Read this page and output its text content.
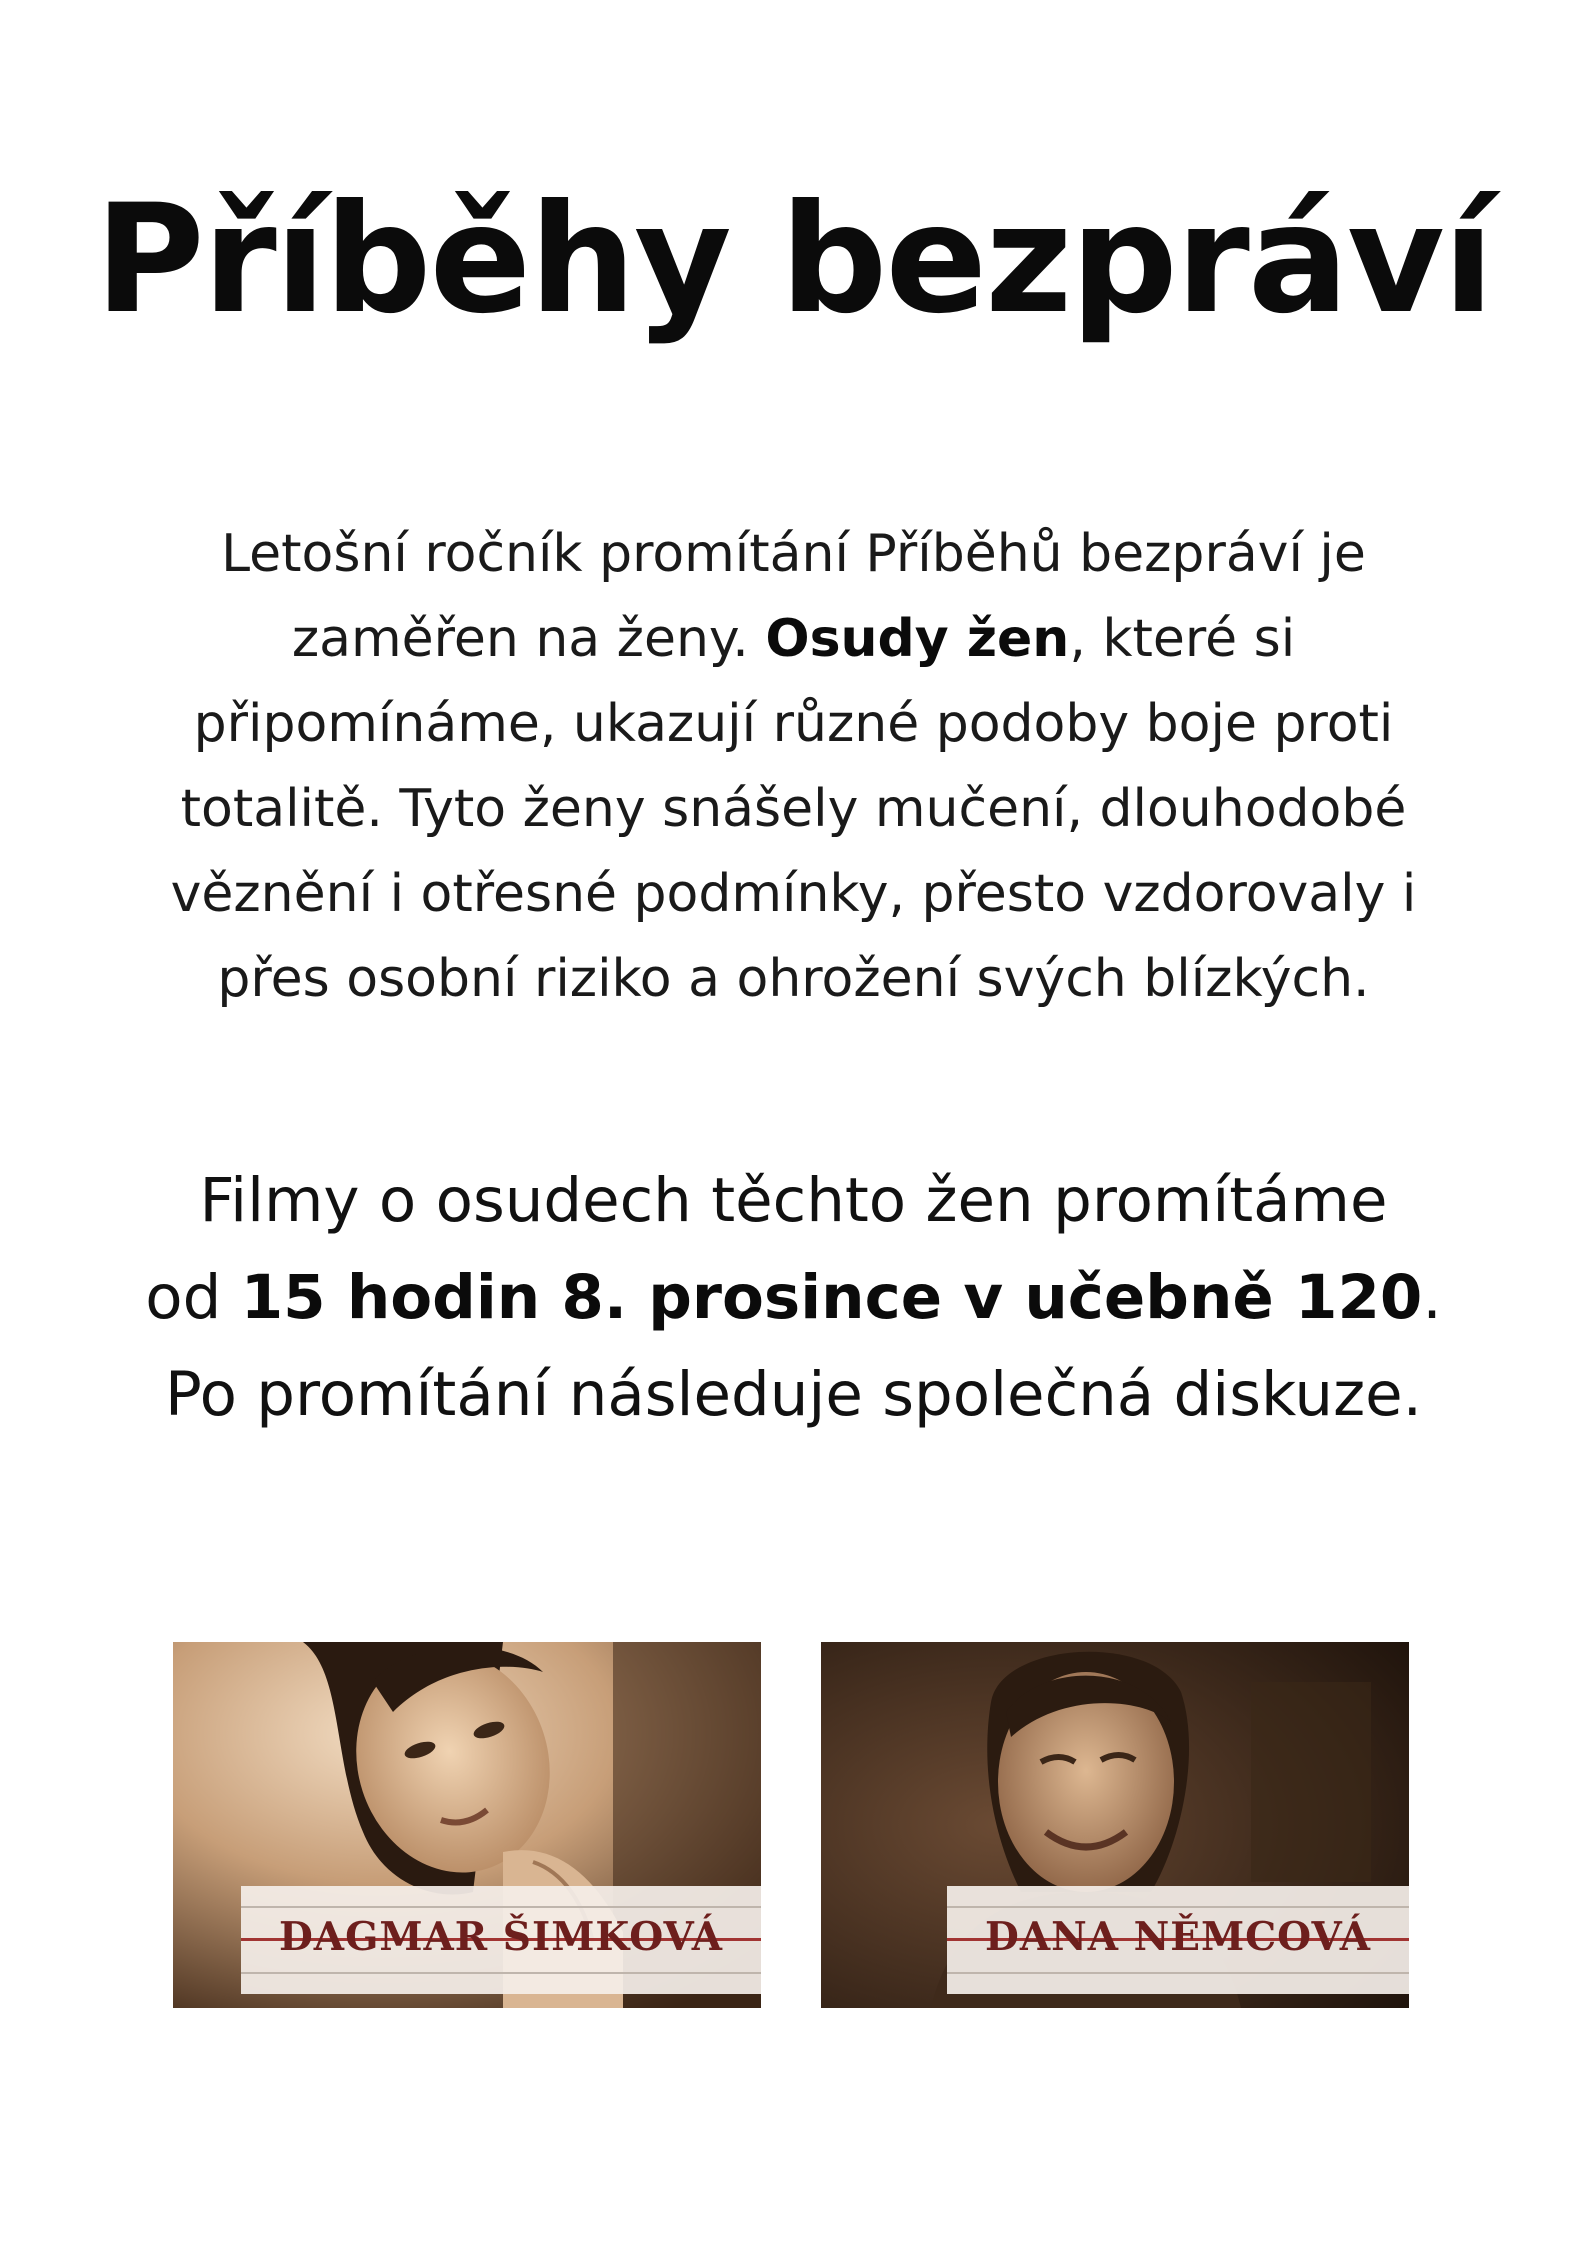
Příběhy bezpráví

Letošní ročník promítání Příběhů bezpráví je
zaměřen na ženy. Osudy žen, které si
připomínáme, ukazují různé podoby boje proti
totalitě. Tyto ženy snášely mučení, dlouhodobé
věznění i otřesné podmínky, přesto vzdorovaly i
přes osobní riziko a ohrožení svých blízkých.

Filmy o osudech těchto žen promítáme
od 15 hodin 8. prosince v učebně 120.
Po promítání následuje společná diskuze.

DAGMAR ŠIMKOVÁ	DANA NĚMCOVÁ
